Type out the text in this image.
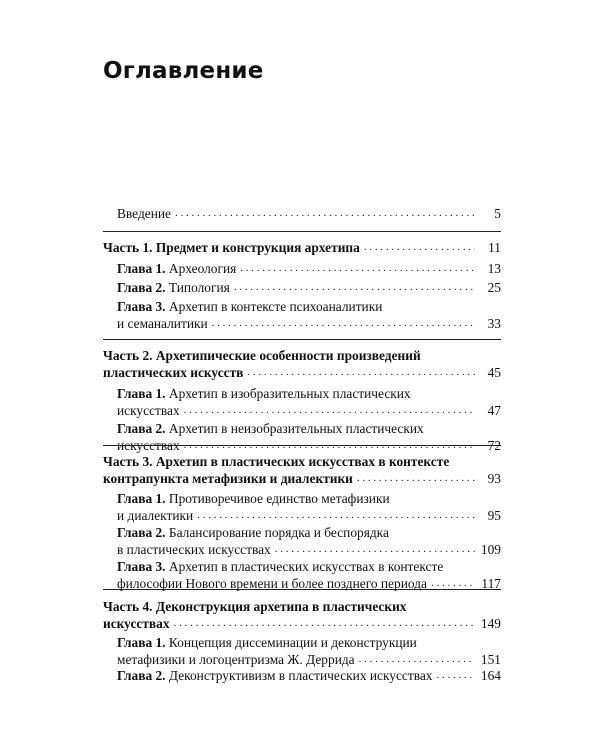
Оглавление
Введение . . .	5
Часть 1. Предмет и конструкция архетипа . . .	11
Глава 1. Археология . . .	13
Глава 2. Типология . . .	25
Глава 3. Архетип в контексте психоаналитики
и семаналитики . . .	33
Часть 2. Архетипические особенности произведений
пластических искусств . . .	45
Глава 1. Архетип в изобразительных пластических
искусствах . . .	47
Глава 2. Архетип в неизобразительных пластических
искусствах . . .	72
Часть 3. Архетип в пластических искусствах в контексте
контрапункта метафизики и диалектики . . .	93
Глава 1. Противоречивое единство метафизики
и диалектики . . .	95
Глава 2. Балансирование порядка и беспорядка
в пластических искусствах . . .	109
Глава 3. Архетип в пластических искусствах в контексте
философии Нового времени и более позднего периода . . .	117
Часть 4. Деконструкция архетипа в пластических
искусствах . . .	149
Глава 1. Концепция диссеминации и деконструкции
метафизики и логоцентризма Ж. Деррида . . .	151
Глава 2. Деконструктивизм в пластических искусствах . . .	164
